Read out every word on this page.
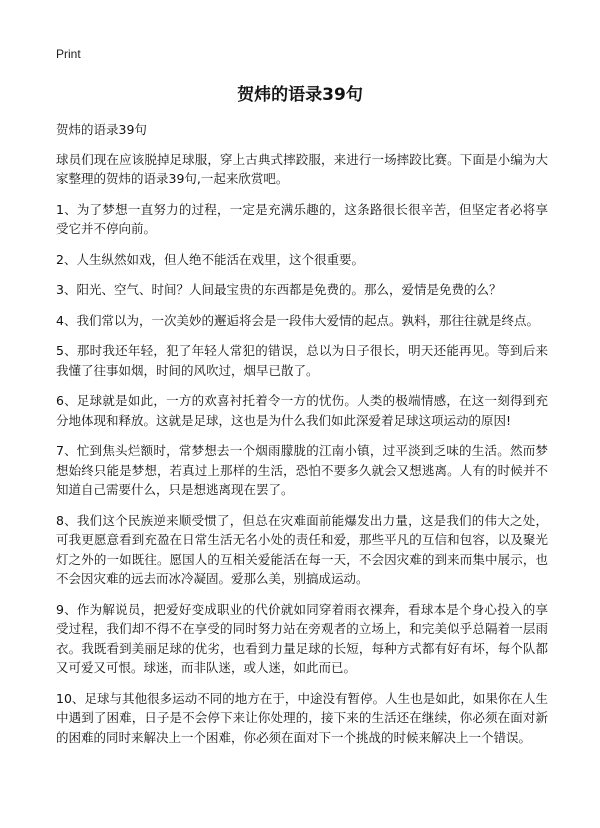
Print
贺炜的语录39句

贺炜的语录39句

球员们现在应该脱掉足球服，穿上古典式摔跤服，来进行一场摔跤比赛。下面是小编为大家整理的贺炜的语录39句,一起来欣赏吧。

1、为了梦想一直努力的过程，一定是充满乐趣的，这条路很长很辛苦，但坚定者必将享受它并不停向前。

2、人生纵然如戏，但人绝不能活在戏里，这个很重要。

3、阳光、空气、时间？人间最宝贵的东西都是免费的。那么，爱情是免费的么？

4、我们常以为，一次美妙的邂逅将会是一段伟大爱情的起点。孰料，那往往就是终点。

5、那时我还年轻，犯了年轻人常犯的错误，总以为日子很长，明天还能再见。等到后来我懂了往事如烟，时间的风吹过，烟早已散了。

6、足球就是如此，一方的欢喜衬托着令一方的忧伤。人类的极端情感，在这一刻得到充分地体现和释放。这就是足球，这也是为什么我们如此深爱着足球这项运动的原因!

7、忙到焦头烂额时，常梦想去一个烟雨朦胧的江南小镇，过平淡到乏味的生活。然而梦想始终只能是梦想，若真过上那样的生活，恐怕不要多久就会又想逃离。人有的时候并不知道自己需要什么，只是想逃离现在罢了。

8、我们这个民族逆来顺受惯了，但总在灾难面前能爆发出力量，这是我们的伟大之处，可我更愿意看到充盈在日常生活无名小处的责任和爱，那些平凡的互信和包容，以及聚光灯之外的一如既往。愿国人的互相关爱能活在每一天，不会因灾难的到来而集中展示，也不会因灾难的远去而冰冷凝固。爱那么美，别搞成运动。

9、作为解说员，把爱好变成职业的代价就如同穿着雨衣裸奔，看球本是个身心投入的享受过程，我们却不得不在享受的同时努力站在旁观者的立场上，和完美似乎总隔着一层雨衣。我既看到美丽足球的优劣，也看到力量足球的长短，每种方式都有好有坏，每个队都又可爱又可恨。球迷，而非队迷，或人迷，如此而已。

10、足球与其他很多运动不同的地方在于，中途没有暂停。人生也是如此，如果你在人生中遇到了困难，日子是不会停下来让你处理的，接下来的生活还在继续，你必须在面对新的困难的同时来解决上一个困难，你必须在面对下一个挑战的时候来解决上一个错误。
